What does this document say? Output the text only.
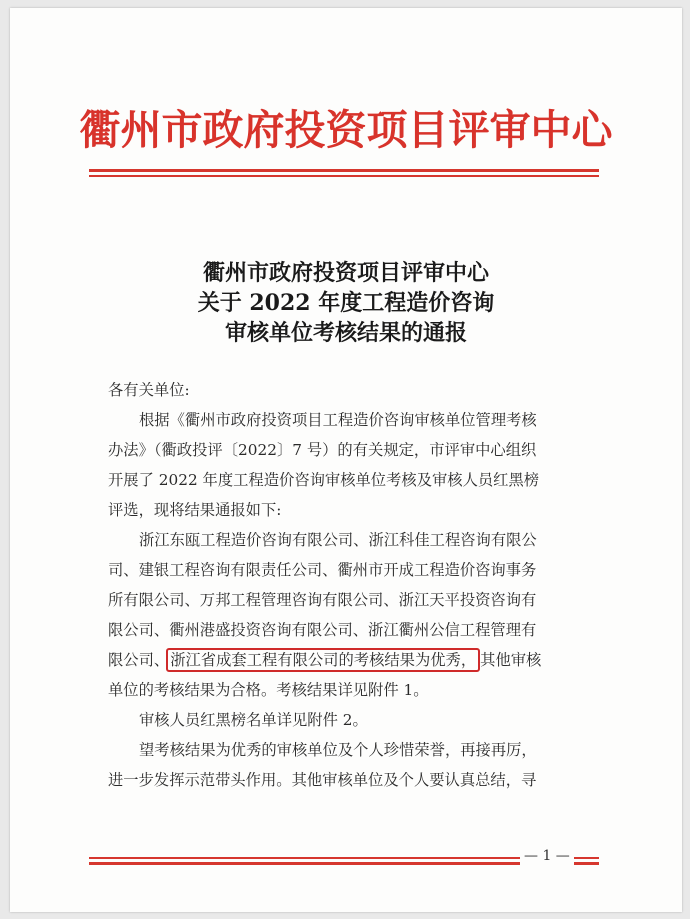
衢州市政府投资项目评审中心
衢州市政府投资项目评审中心
关于 2022 年度工程造价咨询
审核单位考核结果的通报
各有关单位:
根据《衢州市政府投资项目工程造价咨询审核单位管理考核
办法》（衢政投评〔2022〕7 号）的有关规定，市评审中心组织
开展了 2022 年度工程造价咨询审核单位考核及审核人员红黑榜
评选，现将结果通报如下:
浙江东瓯工程造价咨询有限公司、浙江科佳工程咨询有限公
司、建银工程咨询有限责任公司、衢州市开成工程造价咨询事务
所有限公司、万邦工程管理咨询有限公司、浙江天平投资咨询有
限公司、衢州港盛投资咨询有限公司、浙江衢州公信工程管理有
限公司、浙江省成套工程有限公司的考核结果为优秀， 其他审核
单位的考核结果为合格。考核结果详见附件 1。
审核人员红黑榜名单详见附件 2。
望考核结果为优秀的审核单位及个人珍惜荣誉，再接再厉，
进一步发挥示范带头作用。其他审核单位及个人要认真总结，寻
— 1 —
